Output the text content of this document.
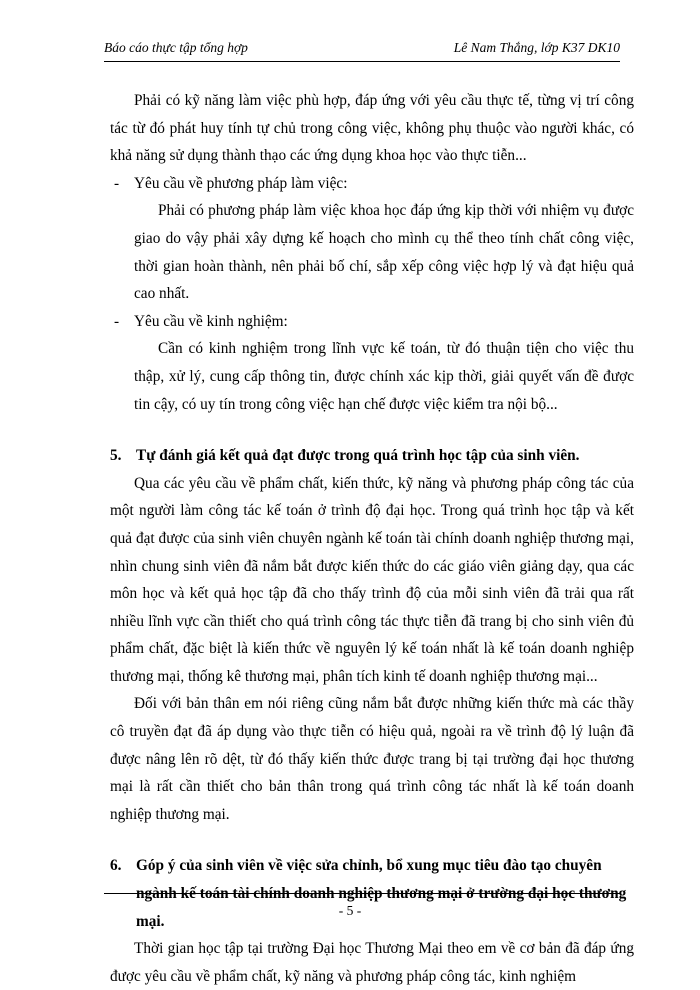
Báo cáo thực tập tổng hợp	Lê Nam Thắng, lớp K37 DK10

Phải có kỹ năng làm việc phù hợp, đáp ứng với yêu cầu thực tế, từng vị trí công tác từ đó phát huy tính tự chủ trong công việc, không phụ thuộc vào người khác, có khả năng sử dụng thành thạo các ứng dụng khoa học vào thực tiễn...

- Yêu cầu về phương pháp làm việc:

Phải có phương pháp làm việc khoa học đáp ứng kịp thời với nhiệm vụ được giao do vậy phải xây dựng kế hoạch cho mình cụ thể theo tính chất công việc, thời gian hoàn thành, nên phải bố chí, sắp xếp công việc hợp lý và đạt hiệu quả cao nhất.

- Yêu cầu về kinh nghiệm:

Cần có kinh nghiệm trong lĩnh vực kế toán, từ đó thuận tiện cho việc thu thập, xử lý, cung cấp thông tin, được chính xác kịp thời, giải quyết vấn đề được tin cậy, có uy tín trong công việc hạn chế được việc kiểm tra nội bộ...

5. Tự đánh giá kết quả đạt được trong quá trình học tập của sinh viên.

Qua các yêu cầu về phẩm chất, kiến thức, kỹ năng và phương pháp công tác của một người làm công tác kế toán ở trình độ đại học. Trong quá trình học tập và kết quả đạt được của sinh viên chuyên ngành kế toán tài chính doanh nghiệp thương mại, nhìn chung sinh viên đã nắm bắt được kiến thức do các giáo viên giảng dạy, qua các môn học và kết quả học tập đã cho thấy trình độ của mỗi sinh viên đã trải qua rất nhiều lĩnh vực cần thiết cho quá trình công tác thực tiễn đã trang bị cho sinh viên đủ phẩm chất, đặc biệt là kiến thức về nguyên lý kế toán nhất là kế toán doanh nghiệp thương mại, thống kê thương mại, phân tích kinh tế doanh nghiệp thương mại...

Đối với bản thân em nói riêng cũng nắm bắt được những kiến thức mà các thầy cô truyền đạt đã áp dụng vào thực tiễn có hiệu quả, ngoài ra về trình độ lý luận đã được nâng lên rõ dệt, từ đó thấy kiến thức được trang bị tại trường đại học thương mại là rất cần thiết cho bản thân trong quá trình công tác nhất là kế toán doanh nghiệp thương mại.

6. Góp ý của sinh viên về việc sửa chỉnh, bổ xung mục tiêu đào tạo chuyên ngành kế toán tài chính doanh nghiệp thương mại ở trường đại học thương mại.

Thời gian học tập tại trường Đại học Thương Mại theo em về cơ bản đã đáp ứng được yêu cầu về phẩm chất, kỹ năng và phương pháp công tác, kinh nghiệm

- 5 -
